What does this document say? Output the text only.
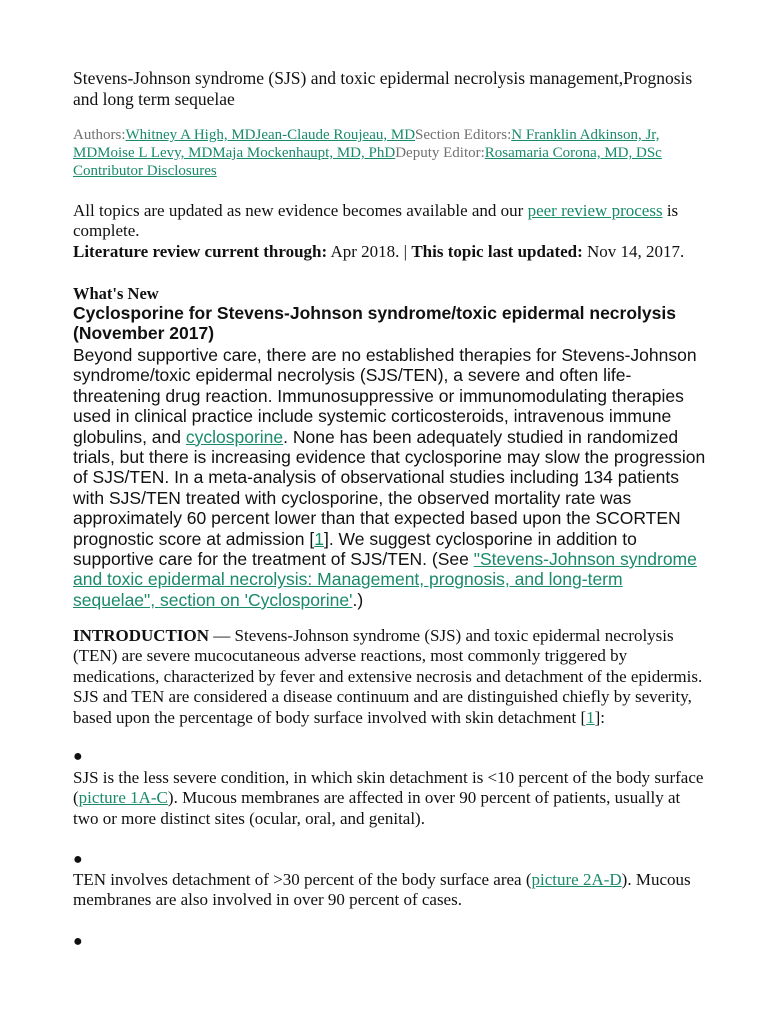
Stevens-Johnson syndrome (SJS) and toxic epidermal necrolysis management,Prognosis and long term sequelae
Authors:Whitney A High, MDJean-Claude Roujeau, MDSection Editors:N Franklin Adkinson, Jr, MDMoise L Levy, MDMaja Mockenhaupt, MD, PhDDeputy Editor:Rosamaria Corona, MD, DSc
Contributor Disclosures
All topics are updated as new evidence becomes available and our peer review process is complete.
Literature review current through: Apr 2018. | This topic last updated: Nov 14, 2017.
What's New
Cyclosporine for Stevens-Johnson syndrome/toxic epidermal necrolysis (November 2017)
Beyond supportive care, there are no established therapies for Stevens-Johnson syndrome/toxic epidermal necrolysis (SJS/TEN), a severe and often life-threatening drug reaction. Immunosuppressive or immunomodulating therapies used in clinical practice include systemic corticosteroids, intravenous immune globulins, and cyclosporine. None has been adequately studied in randomized trials, but there is increasing evidence that cyclosporine may slow the progression of SJS/TEN. In a meta-analysis of observational studies including 134 patients with SJS/TEN treated with cyclosporine, the observed mortality rate was approximately 60 percent lower than that expected based upon the SCORTEN prognostic score at admission [1]. We suggest cyclosporine in addition to supportive care for the treatment of SJS/TEN. (See "Stevens-Johnson syndrome and toxic epidermal necrolysis: Management, prognosis, and long-term sequelae", section on 'Cyclosporine'.)
INTRODUCTION — Stevens-Johnson syndrome (SJS) and toxic epidermal necrolysis (TEN) are severe mucocutaneous adverse reactions, most commonly triggered by medications, characterized by fever and extensive necrosis and detachment of the epidermis. SJS and TEN are considered a disease continuum and are distinguished chiefly by severity, based upon the percentage of body surface involved with skin detachment [1]:
●
SJS is the less severe condition, in which skin detachment is <10 percent of the body surface (picture 1A-C). Mucous membranes are affected in over 90 percent of patients, usually at two or more distinct sites (ocular, oral, and genital).
●
TEN involves detachment of >30 percent of the body surface area (picture 2A-D). Mucous membranes are also involved in over 90 percent of cases.
●
